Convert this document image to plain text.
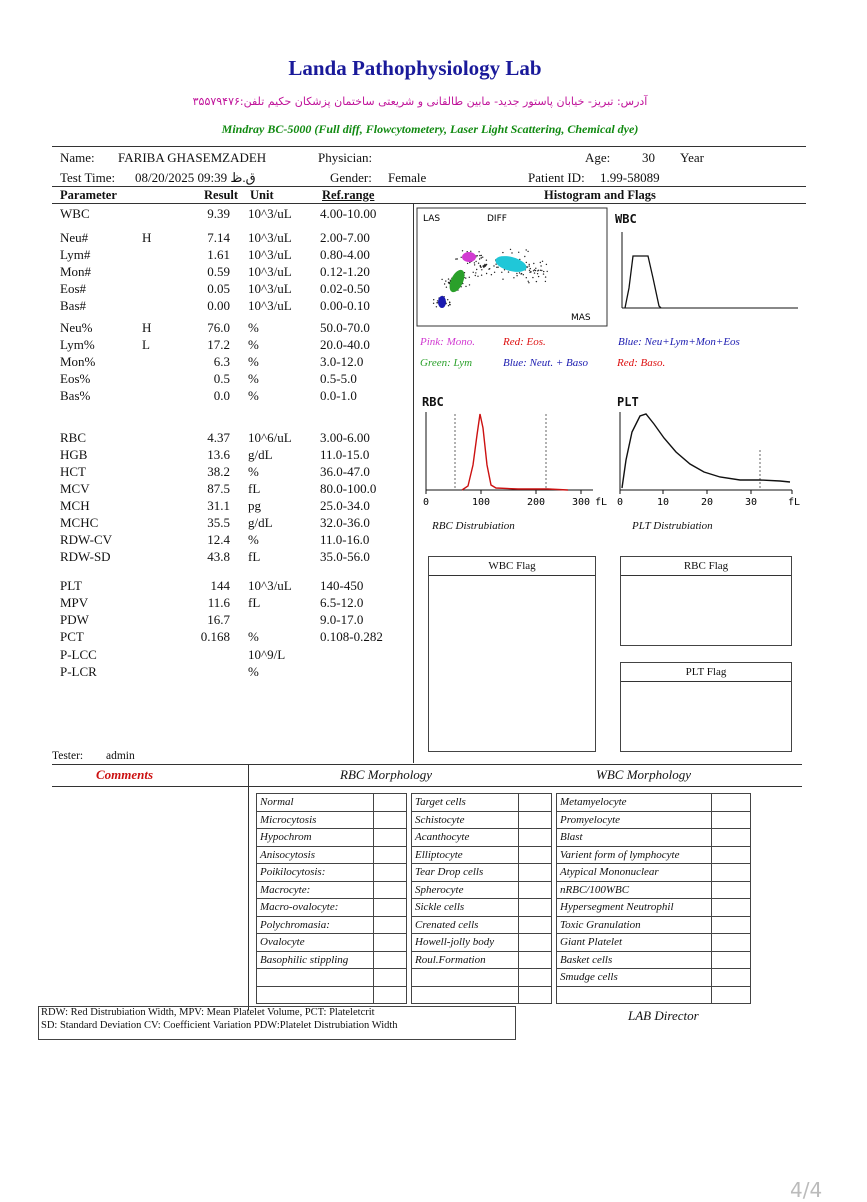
Landa Pathophysiology Lab
آدرس: تبریز- خیابان پاستور جدید- مابین طالقانی و شریعتی ساختمان پزشکان حکیم تلفن:۳۵۵۷۹۴۷۶
Mindray BC-5000 (Full diff, Flowcytometery, Laser Light Scattering, Chemical dye)
Name: FARIBA GHASEMZADEH	Physician:	Age: 30 Year
Test Time: 08/20/2025 09:39 ق.ظ	Gender: Female	Patient ID: 1.99-58089
Parameter	Result Unit	Ref.range	Histogram and Flags
WBC	9.39 10^3/uL 4.00-10.00
Neu#	H	7.14 10^3/uL 2.00-7.00
Lym#	1.61 10^3/uL 0.80-4.00
Mon#	0.59 10^3/uL 0.12-1.20
Eos#	0.05 10^3/uL 0.02-0.50
Bas#	0.00 10^3/uL 0.00-0.10
Neu%	H	76.0 %	50.0-70.0
Lym%	L	17.2 %	20.0-40.0
Mon%	6.3 %	3.0-12.0
Eos%	0.5 %	0.5-5.0
Bas%	0.0 %	0.0-1.0
RBC	4.37 10^6/uL 3.00-6.00
HGB	13.6 g/dL	11.0-15.0
HCT	38.2 %	36.0-47.0
MCV	87.5 fL	80.0-100.0
MCH	31.1 pg	25.0-34.0
MCHC	35.5 g/dL	32.0-36.0
RDW-CV	12.4 %	11.0-16.0
RDW-SD	43.8 fL	35.0-56.0
PLT	144 10^3/uL 140-450
MPV	11.6 fL	6.5-12.0
PDW	16.7	9.0-17.0
PCT	0.168 %	0.108-0.282
P-LCC	10^9/L
P-LCR	%
LAS	DIFF
MAS
WBC
Pink: Mono.	Red: Eos.	Blue: Neu+Lym+Mon+Eos
Green: Lym	Blue: Neut. + Baso	Red: Baso.
RBC
0	100	200	300 fL
RBC Distrubiation
PLT
0	10	20	30	fL
PLT Distrubiation
WBC Flag	RBC Flag
PLT Flag
Tester: admin
Comments	RBC Morphology	WBC Morphology
Normal			Target cells			Metamyelocyte	
Microcytosis			Schistocyte			Promyelocyte	
Hypochrom			Acanthocyte			Blast	
Anisocytosis			Elliptocyte			Varient form of lymphocyte	
Poikilocytosis:			Tear Drop cells			Atypical Mononuclear	
Macrocyte:			Spherocyte			nRBC/100WBC	
Macro-ovalocyte:			Sickle cells			Hypersegment Neutrophil	
Polychromasia:			Crenated cells			Toxic Granulation	
Ovalocyte			Howell-jolly body			Giant Platelet	
Basophilic stippling			Roul.Formation			Basket cells	
						Smudge cells	

RDW: Red Distrubiation Width, MPV: Mean Platelet Volume, PCT: Plateletcrit
SD: Standard Deviation CV: Coefficient Variation PDW:Platelet Distrubiation Width
LAB Director
4/4
